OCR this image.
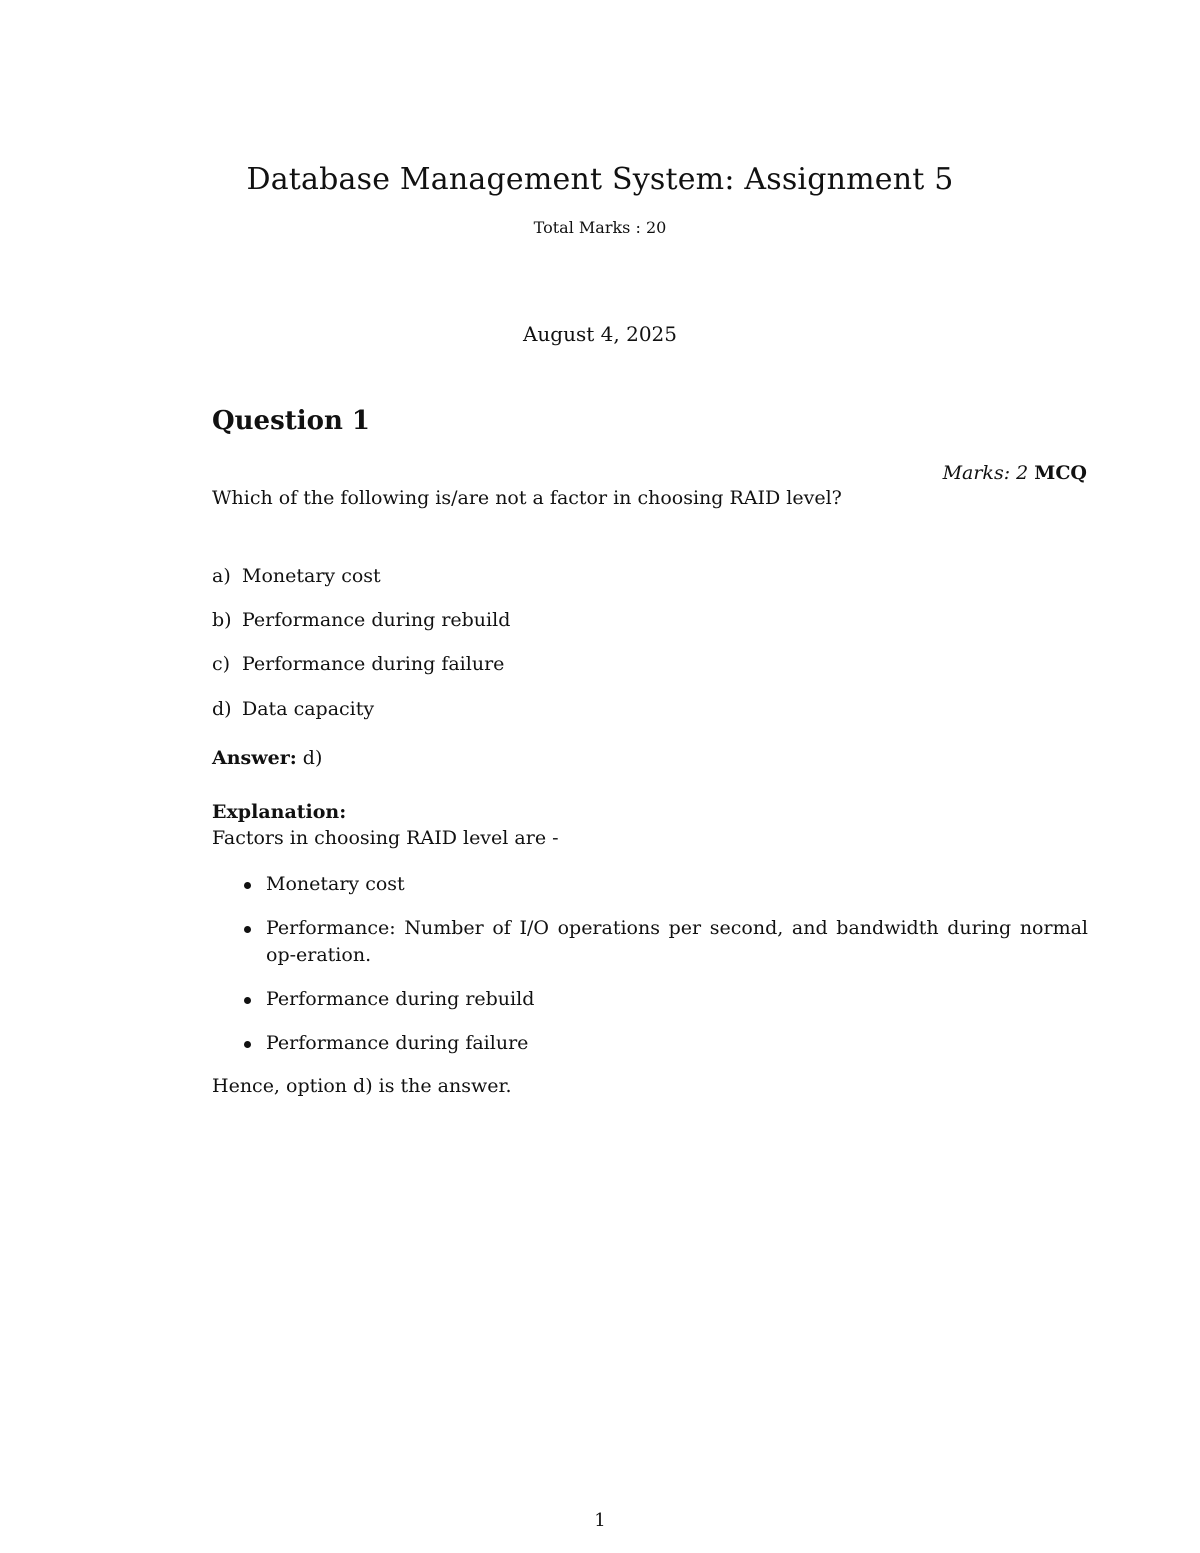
Database Management System: Assignment 5
Total Marks : 20
August 4, 2025
Question 1
Marks: 2 MCQ
Which of the following is/are not a factor in choosing RAID level?
a) Monetary cost
b) Performance during rebuild
c) Performance during failure
d) Data capacity
Answer: d)
Explanation:
Factors in choosing RAID level are -
Monetary cost
Performance: Number of I/O operations per second, and bandwidth during normal op-eration.
Performance during rebuild
Performance during failure
Hence, option d) is the answer.
1
